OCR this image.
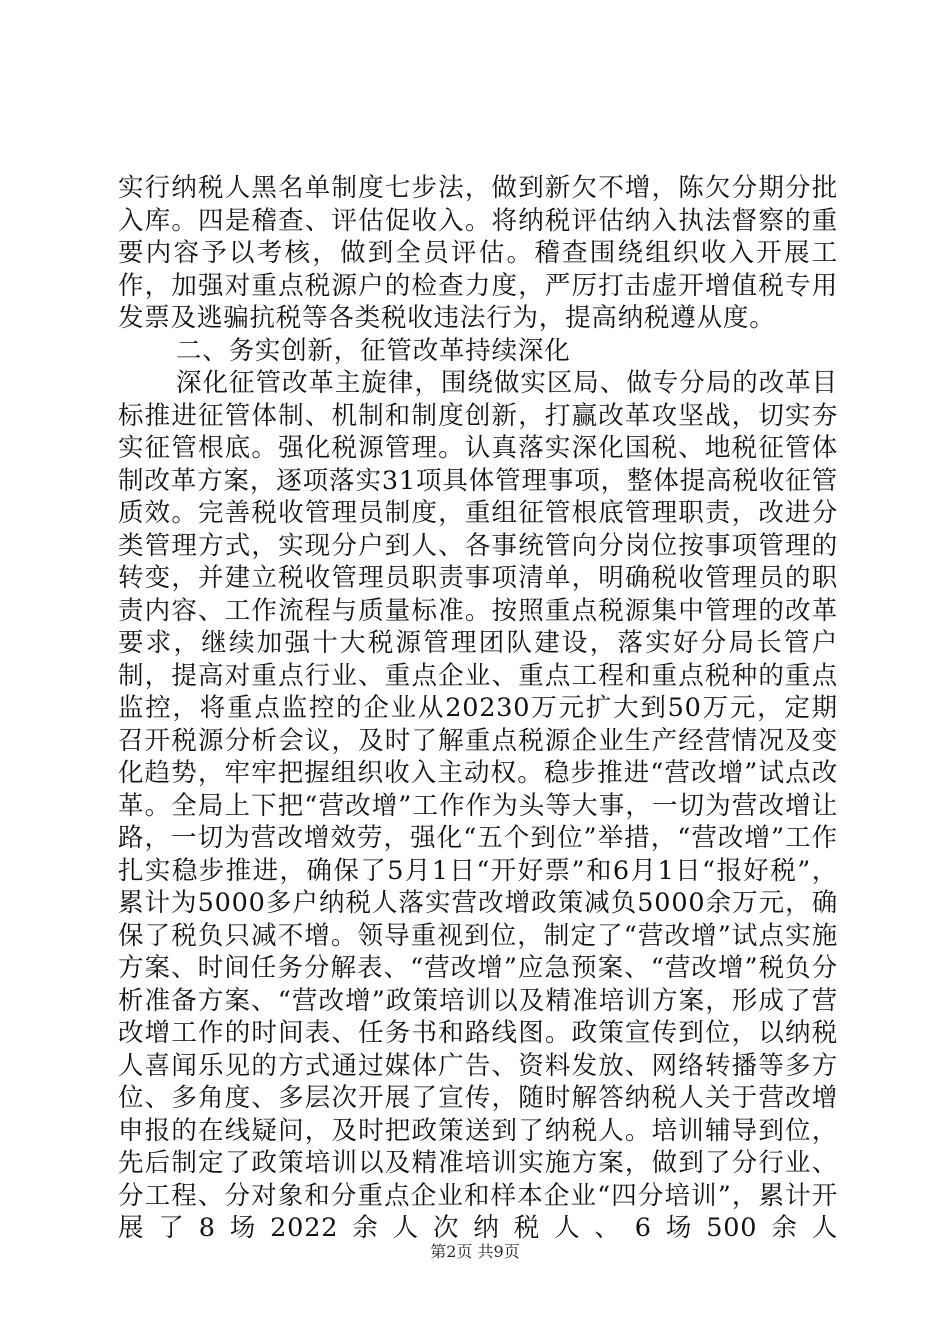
实行纳税人黑名单制度七步法，做到新欠不增，陈欠分期分批入库。四是稽查、评估促收入。将纳税评估纳入执法督察的重要内容予以考核，做到全员评估。稽查围绕组织收入开展工作，加强对重点税源户的检查力度，严厉打击虚开增值税专用发票及逃骗抗税等各类税收违法行为，提高纳税遵从度。

二、务实创新，征管改革持续深化

深化征管改革主旋律，围绕做实区局、做专分局的改革目标推进征管体制、机制和制度创新，打赢改革攻坚战，切实夯实征管根底。强化税源管理。认真落实深化国税、地税征管体制改革方案，逐项落实31项具体管理事项，整体提高税收征管质效。完善税收管理员制度，重组征管根底管理职责，改进分类管理方式，实现分户到人、各事统管向分岗位按事项管理的转变，并建立税收管理员职责事项清单，明确税收管理员的职责内容、工作流程与质量标准。按照重点税源集中管理的改革要求，继续加强十大税源管理团队建设，落实好分局长管户制，提高对重点行业、重点企业、重点工程和重点税种的重点监控，将重点监控的企业从20230万元扩大到50万元，定期召开税源分析会议，及时了解重点税源企业生产经营情况及变化趋势，牢牢把握组织收入主动权。稳步推进“营改增”试点改革。全局上下把“营改增”工作作为头等大事，一切为营改增让路，一切为营改增效劳，强化“五个到位”举措，“营改增”工作扎实稳步推进，确保了5月1日“开好票”和6月1日“报好税”，累计为5000多户纳税人落实营改增政策减负5000余万元，确保了税负只减不增。领导重视到位，制定了“营改增”试点实施方案、时间任务分解表、“营改增”应急预案、“营改增”税负分析准备方案、“营改增”政策培训以及精准培训方案，形成了营改增工作的时间表、任务书和路线图。政策宣传到位，以纳税人喜闻乐见的方式通过媒体广告、资料发放、网络转播等多方位、多角度、多层次开展了宣传，随时解答纳税人关于营改增申报的在线疑问，及时把政策送到了纳税人。培训辅导到位，先后制定了政策培训以及精准培训实施方案，做到了分行业、分工程、分对象和分重点企业和样本企业“四分培训”，累计开展了8场2022余人次纳税人、6场500余人

第2页 共9页
